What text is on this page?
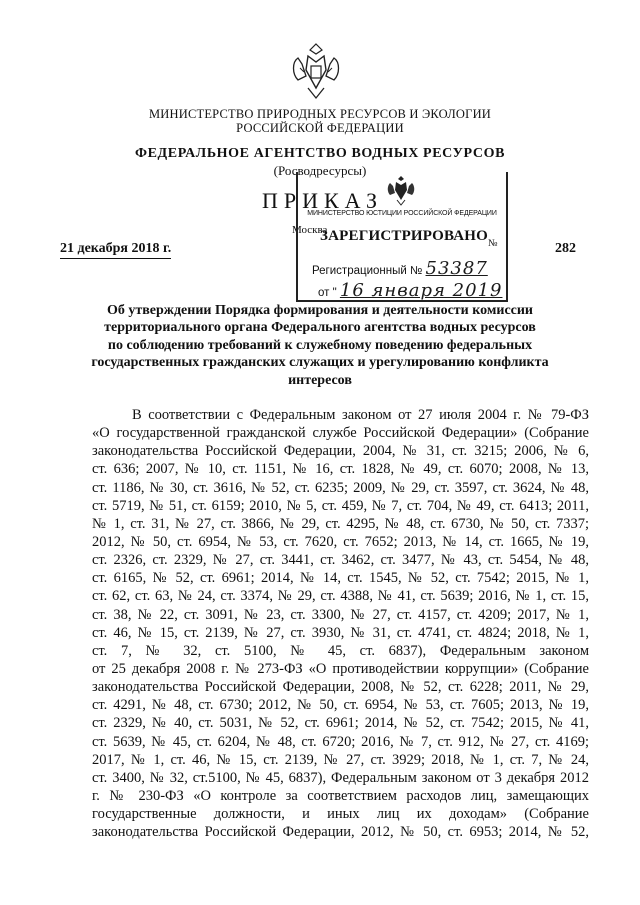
МИНИСТЕРСТВО ПРИРОДНЫХ РЕСУРСОВ И ЭКОЛОГИИ
РОССИЙСКОЙ ФЕДЕРАЦИИ
ФЕДЕРАЛЬНОЕ АГЕНТСТВО ВОДНЫХ РЕСУРСОВ
(Росводресурсы)
ПРИКАЗ
Москва
21 декабря 2018 г.	282
МИНИСТЕРСТВО ЮСТИЦИИ РОССИЙСКОЙ ФЕДЕРАЦИИ
ЗАРЕГИСТРИРОВАНО №
Регистрационный № 53387
от " 16 января 2019
Об утверждении Порядка формирования и деятельности комиссии
территориального органа Федерального агентства водных ресурсов
по соблюдению требований к служебному поведению федеральных
государственных гражданских служащих и урегулированию конфликта
интересов
В соответствии с Федеральным законом от 27 июля 2004 г. № 79-ФЗ
«О государственной гражданской службе Российской Федерации» (Собрание
законодательства Российской Федерации, 2004, № 31, ст. 3215; 2006, № 6,
ст. 636; 2007, № 10, ст. 1151, № 16, ст. 1828, № 49, ст. 6070; 2008, № 13,
ст. 1186, № 30, ст. 3616, № 52, ст. 6235; 2009, № 29, ст. 3597, ст. 3624, № 48,
ст. 5719, № 51, ст. 6159; 2010, № 5, ст. 459, № 7, ст. 704, № 49, ст. 6413; 2011,
№ 1, ст. 31, № 27, ст. 3866, № 29, ст. 4295, № 48, ст. 6730, № 50, ст. 7337;
2012, № 50, ст. 6954, № 53, ст. 7620, ст. 7652; 2013, № 14, ст. 1665, № 19,
ст. 2326, ст. 2329, № 27, ст. 3441, ст. 3462, ст. 3477, № 43, ст. 5454, № 48,
ст. 6165, № 52, ст. 6961; 2014, № 14, ст. 1545, № 52, ст. 7542; 2015, № 1,
ст. 62, ст. 63, № 24, ст. 3374, № 29, ст. 4388, № 41, ст. 5639; 2016, № 1, ст. 15,
ст. 38, № 22, ст. 3091, № 23, ст. 3300, № 27, ст. 4157, ст. 4209; 2017, № 1,
ст. 46, № 15, ст. 2139, № 27, ст. 3930, № 31, ст. 4741, ст. 4824; 2018, № 1,
ст. 7, № 32, ст. 5100, № 45, ст. 6837), Федеральным законом
от 25 декабря 2008 г. № 273-ФЗ «О противодействии коррупции» (Собрание
законодательства Российской Федерации, 2008, № 52, ст. 6228; 2011, № 29,
ст. 4291, № 48, ст. 6730; 2012, № 50, ст. 6954, № 53, ст. 7605; 2013, № 19,
ст. 2329, № 40, ст. 5031, № 52, ст. 6961; 2014, № 52, ст. 7542; 2015, № 41,
ст. 5639, № 45, ст. 6204, № 48, ст. 6720; 2016, № 7, ст. 912, № 27, ст. 4169;
2017, № 1, ст. 46, № 15, ст. 2139, № 27, ст. 3929; 2018, № 1, ст. 7, № 24,
ст. 3400, № 32, ст.5100, № 45, 6837), Федеральным законом от 3 декабря 2012
г. № 230-ФЗ «О контроле за соответствием расходов лиц, замещающих
государственные должности, и иных лиц их доходам» (Собрание
законодательства Российской Федерации, 2012, № 50, ст. 6953; 2014, № 52,
